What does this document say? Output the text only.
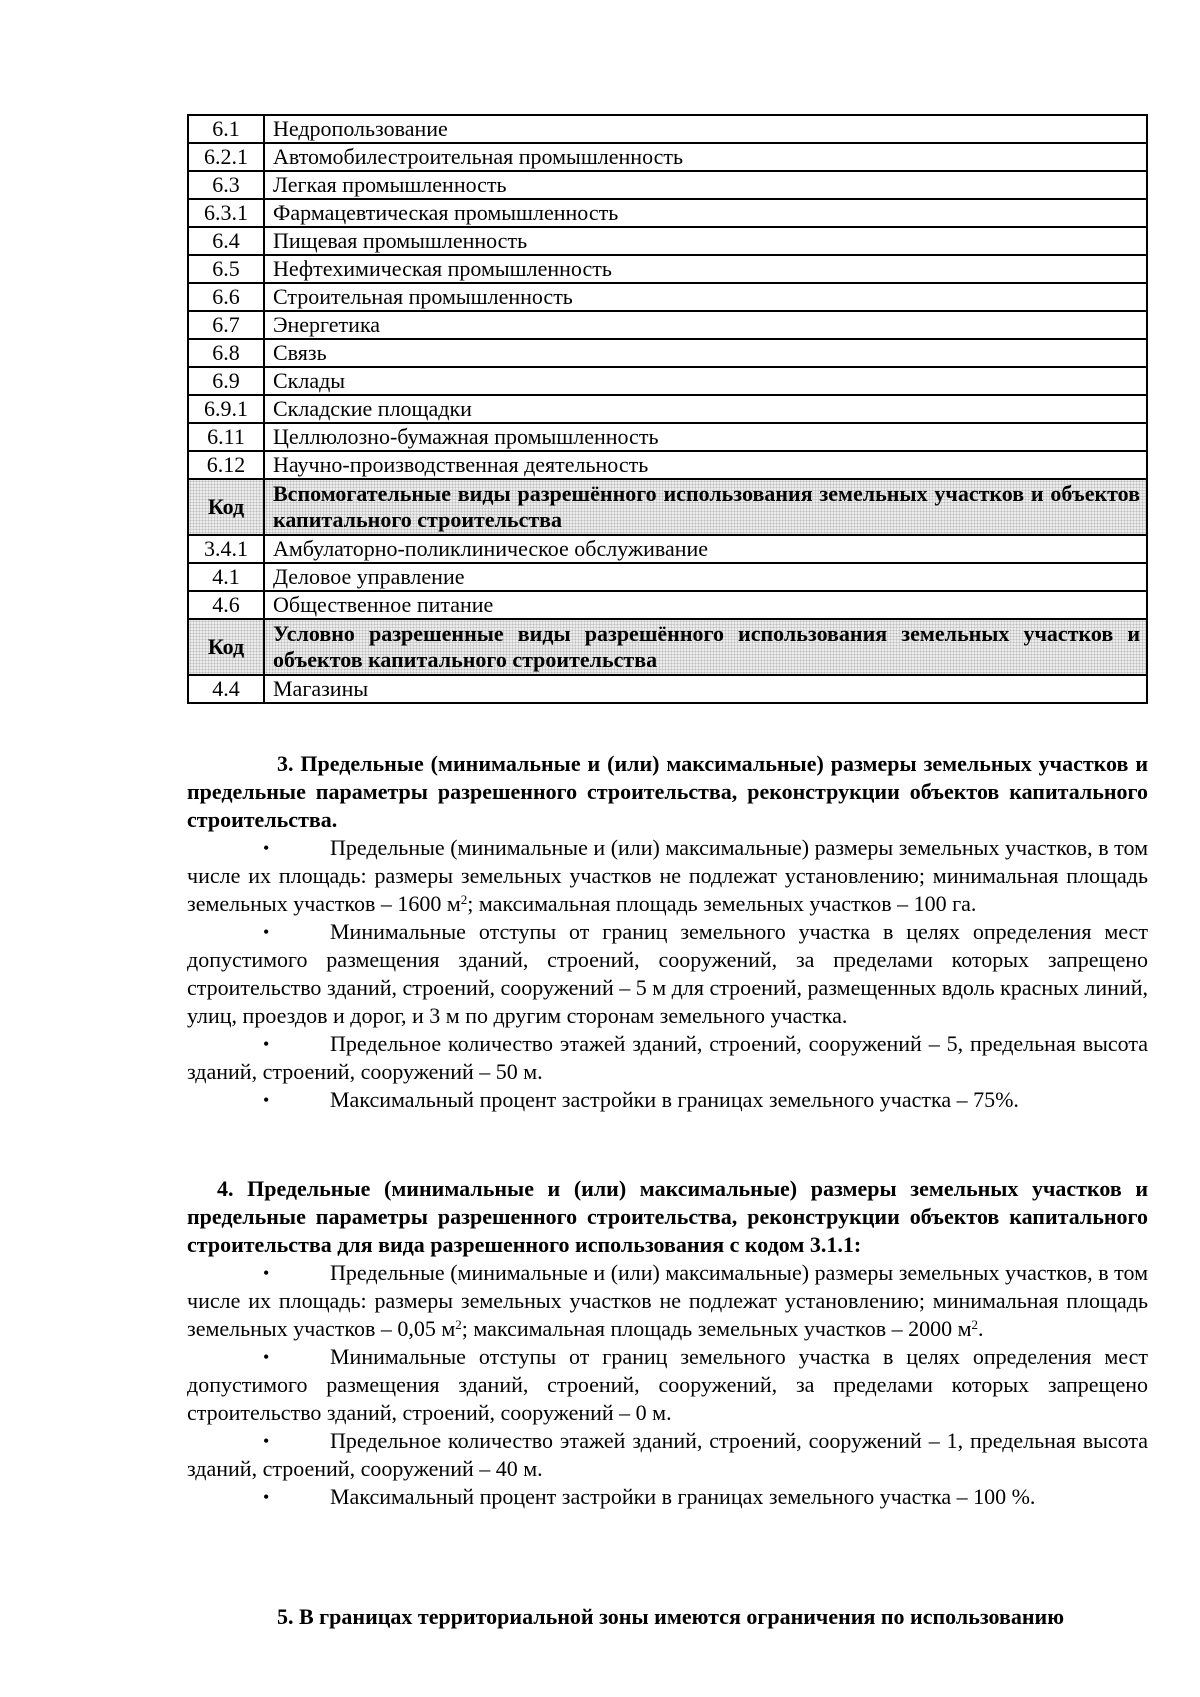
6.1	Недропользование
6.2.1	Автомобилестроительная промышленность
6.3	Легкая промышленность
6.3.1	Фармацевтическая промышленность
6.4	Пищевая промышленность
6.5	Нефтехимическая промышленность
6.6	Строительная промышленность
6.7	Энергетика
6.8	Связь
6.9	Склады
6.9.1	Складские площадки
6.11	Целлюлозно-бумажная промышленность
6.12	Научно-производственная деятельность
Код	Вспомогательные виды разрешённого использования земельных участков и объектов капитального строительства
3.4.1	Амбулаторно-поликлиническое обслуживание
4.1	Деловое управление
4.6	Общественное питание
Код	Условно разрешенные виды разрешённого использования земельных участков и объектов капитального строительства
4.4	Магазины
3. Предельные (минимальные и (или) максимальные) размеры земельных участков и предельные параметры разрешенного строительства, реконструкции объектов капитального строительства.
•	Предельные (минимальные и (или) максимальные) размеры земельных участков, в том числе их площадь: размеры земельных участков не подлежат установлению; минимальная площадь земельных участков – 1600 $м^2$; максимальная площадь земельных участков – 100 га.
•	Минимальные отступы от границ земельного участка в целях определения мест допустимого размещения зданий, строений, сооружений, за пределами которых запрещено строительство зданий, строений, сооружений – 5 м для строений, размещенных вдоль красных линий, улиц, проездов и дорог, и 3 м по другим сторонам земельного участка.
•	Предельное количество этажей зданий, строений, сооружений – 5, предельная высота зданий, строений, сооружений – 50 м.
•	Максимальный процент застройки в границах земельного участка – 75%.
4. Предельные (минимальные и (или) максимальные) размеры земельных участков и предельные параметры разрешенного строительства, реконструкции объектов капитального строительства для вида разрешенного использования с кодом 3.1.1:
•	Предельные (минимальные и (или) максимальные) размеры земельных участков, в том числе их площадь: размеры земельных участков не подлежат установлению; минимальная площадь земельных участков – 0,05 $м^2$; максимальная площадь земельных участков – 2000 $м^2$.
•	Минимальные отступы от границ земельного участка в целях определения мест допустимого размещения зданий, строений, сооружений, за пределами которых запрещено строительство зданий, строений, сооружений – 0 м.
•	Предельное количество этажей зданий, строений, сооружений – 1, предельная высота зданий, строений, сооружений – 40 м.
•	Максимальный процент застройки в границах земельного участка – 100 %.
5. В границах территориальной зоны имеются ограничения по использованию
